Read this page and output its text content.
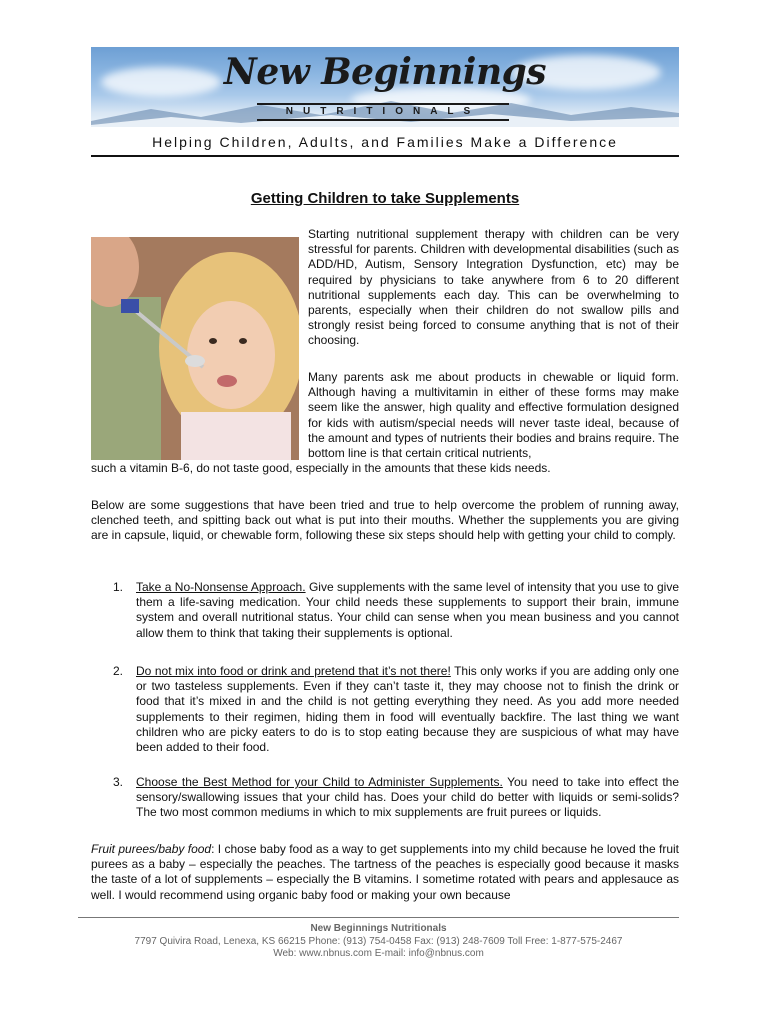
New Beginnings
NUTRITIONALS
Helping Children, Adults, and Families Make a Difference
Getting Children to take Supplements

Starting nutritional supplement therapy with children can be very stressful for parents. Children with developmental disabilities (such as ADD/HD, Autism, Sensory Integration Dysfunction, etc) may be required by physicians to take anywhere from 6 to 20 different nutritional supplements each day. This can be overwhelming to parents, especially when their children do not swallow pills and strongly resist being forced to consume anything that is not of their choosing.

Many parents ask me about products in chewable or liquid form. Although having a multivitamin in either of these forms may make seem like the answer, high quality and effective formulation designed for kids with autism/special needs will never taste ideal, because of the amount and types of nutrients their bodies and brains require. The bottom line is that certain critical nutrients,

such a vitamin B-6, do not taste good, especially in the amounts that these kids needs.

Below are some suggestions that have been tried and true to help overcome the problem of running away, clenched teeth, and spitting back out what is put into their mouths. Whether the supplements you are giving are in capsule, liquid, or chewable form, following these six steps should help with getting your child to comply.

1. Take a No-Nonsense Approach. Give supplements with the same level of intensity that you use to give them a life-saving medication. Your child needs these supplements to support their brain, immune system and overall nutritional status. Your child can sense when you mean business and you cannot allow them to think that taking their supplements is optional.
2. Do not mix into food or drink and pretend that it’s not there! This only works if you are adding only one or two tasteless supplements. Even if they can’t taste it, they may choose not to finish the drink or food that it’s mixed in and the child is not getting everything they need. As you add more needed supplements to their regimen, hiding them in food will eventually backfire. The last thing we want children who are picky eaters to do is to stop eating because they are suspicious of what may have been added to their food.
3. Choose the Best Method for your Child to Administer Supplements. You need to take into effect the sensory/swallowing issues that your child has. Does your child do better with liquids or semi-solids? The two most common mediums in which to mix supplements are fruit purees or liquids.

Fruit purees/baby food: I chose baby food as a way to get supplements into my child because he loved the fruit purees as a baby – especially the peaches. The tartness of the peaches is especially good because it masks the taste of a lot of supplements – especially the B vitamins. I sometime rotated with pears and applesauce as well. I would recommend using organic baby food or making your own because

New Beginnings Nutritionals
7797 Quivira Road, Lenexa, KS 66215 Phone: (913) 754-0458 Fax: (913) 248-7609 Toll Free: 1-877-575-2467
Web: www.nbnus.com E-mail: info@nbnus.com
